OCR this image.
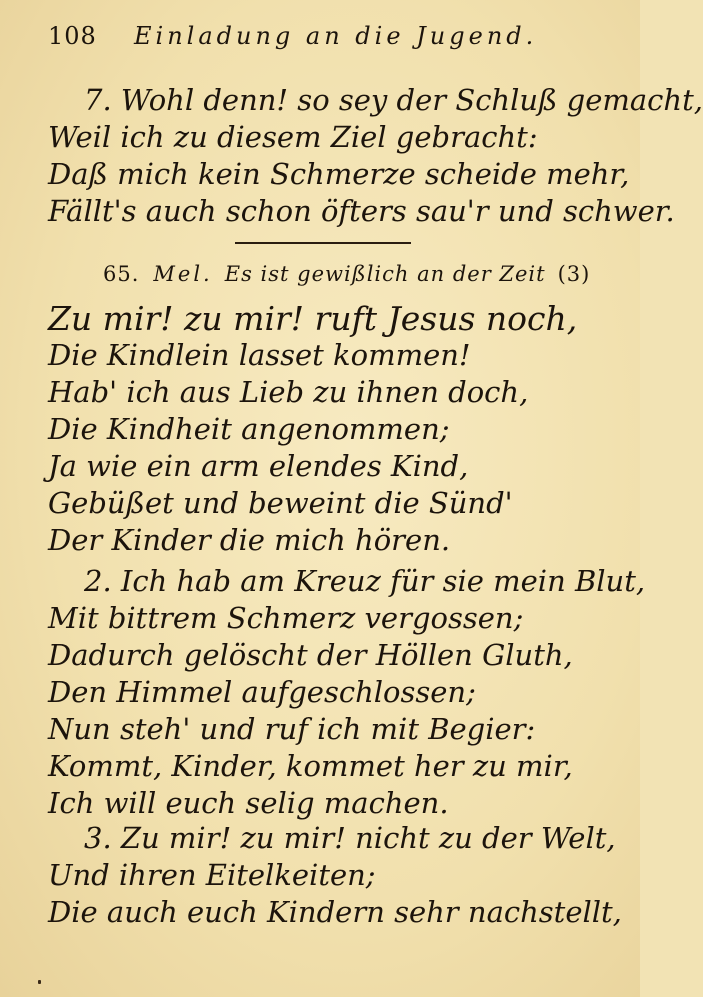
108 Einladung an die Jugend.
7. Wohl denn! so sey der Schluß gemacht,
Weil ich zu diesem Ziel gebracht:
Daß mich kein Schmerze scheide mehr,
Fällt's auch schon öfters sau'r und schwer.
65. Mel. Es ist gewißlich an der Zeit (3)
Zu mir! zu mir! ruft Jesus noch,
Die Kindlein lasset kommen!
Hab' ich aus Lieb zu ihnen doch,
Die Kindheit angenommen;
Ja wie ein arm elendes Kind,
Gebüßet und beweint die Sünd'
Der Kinder die mich hören.
2. Ich hab am Kreuz für sie mein Blut,
Mit bittrem Schmerz vergossen;
Dadurch gelöscht der Höllen Gluth,
Den Himmel aufgeschlossen;
Nun steh' und ruf ich mit Begier:
Kommt, Kinder, kommet her zu mir,
Ich will euch selig machen.
3. Zu mir! zu mir! nicht zu der Welt,
Und ihren Eitelkeiten;
Die auch euch Kindern sehr nachstellt,
